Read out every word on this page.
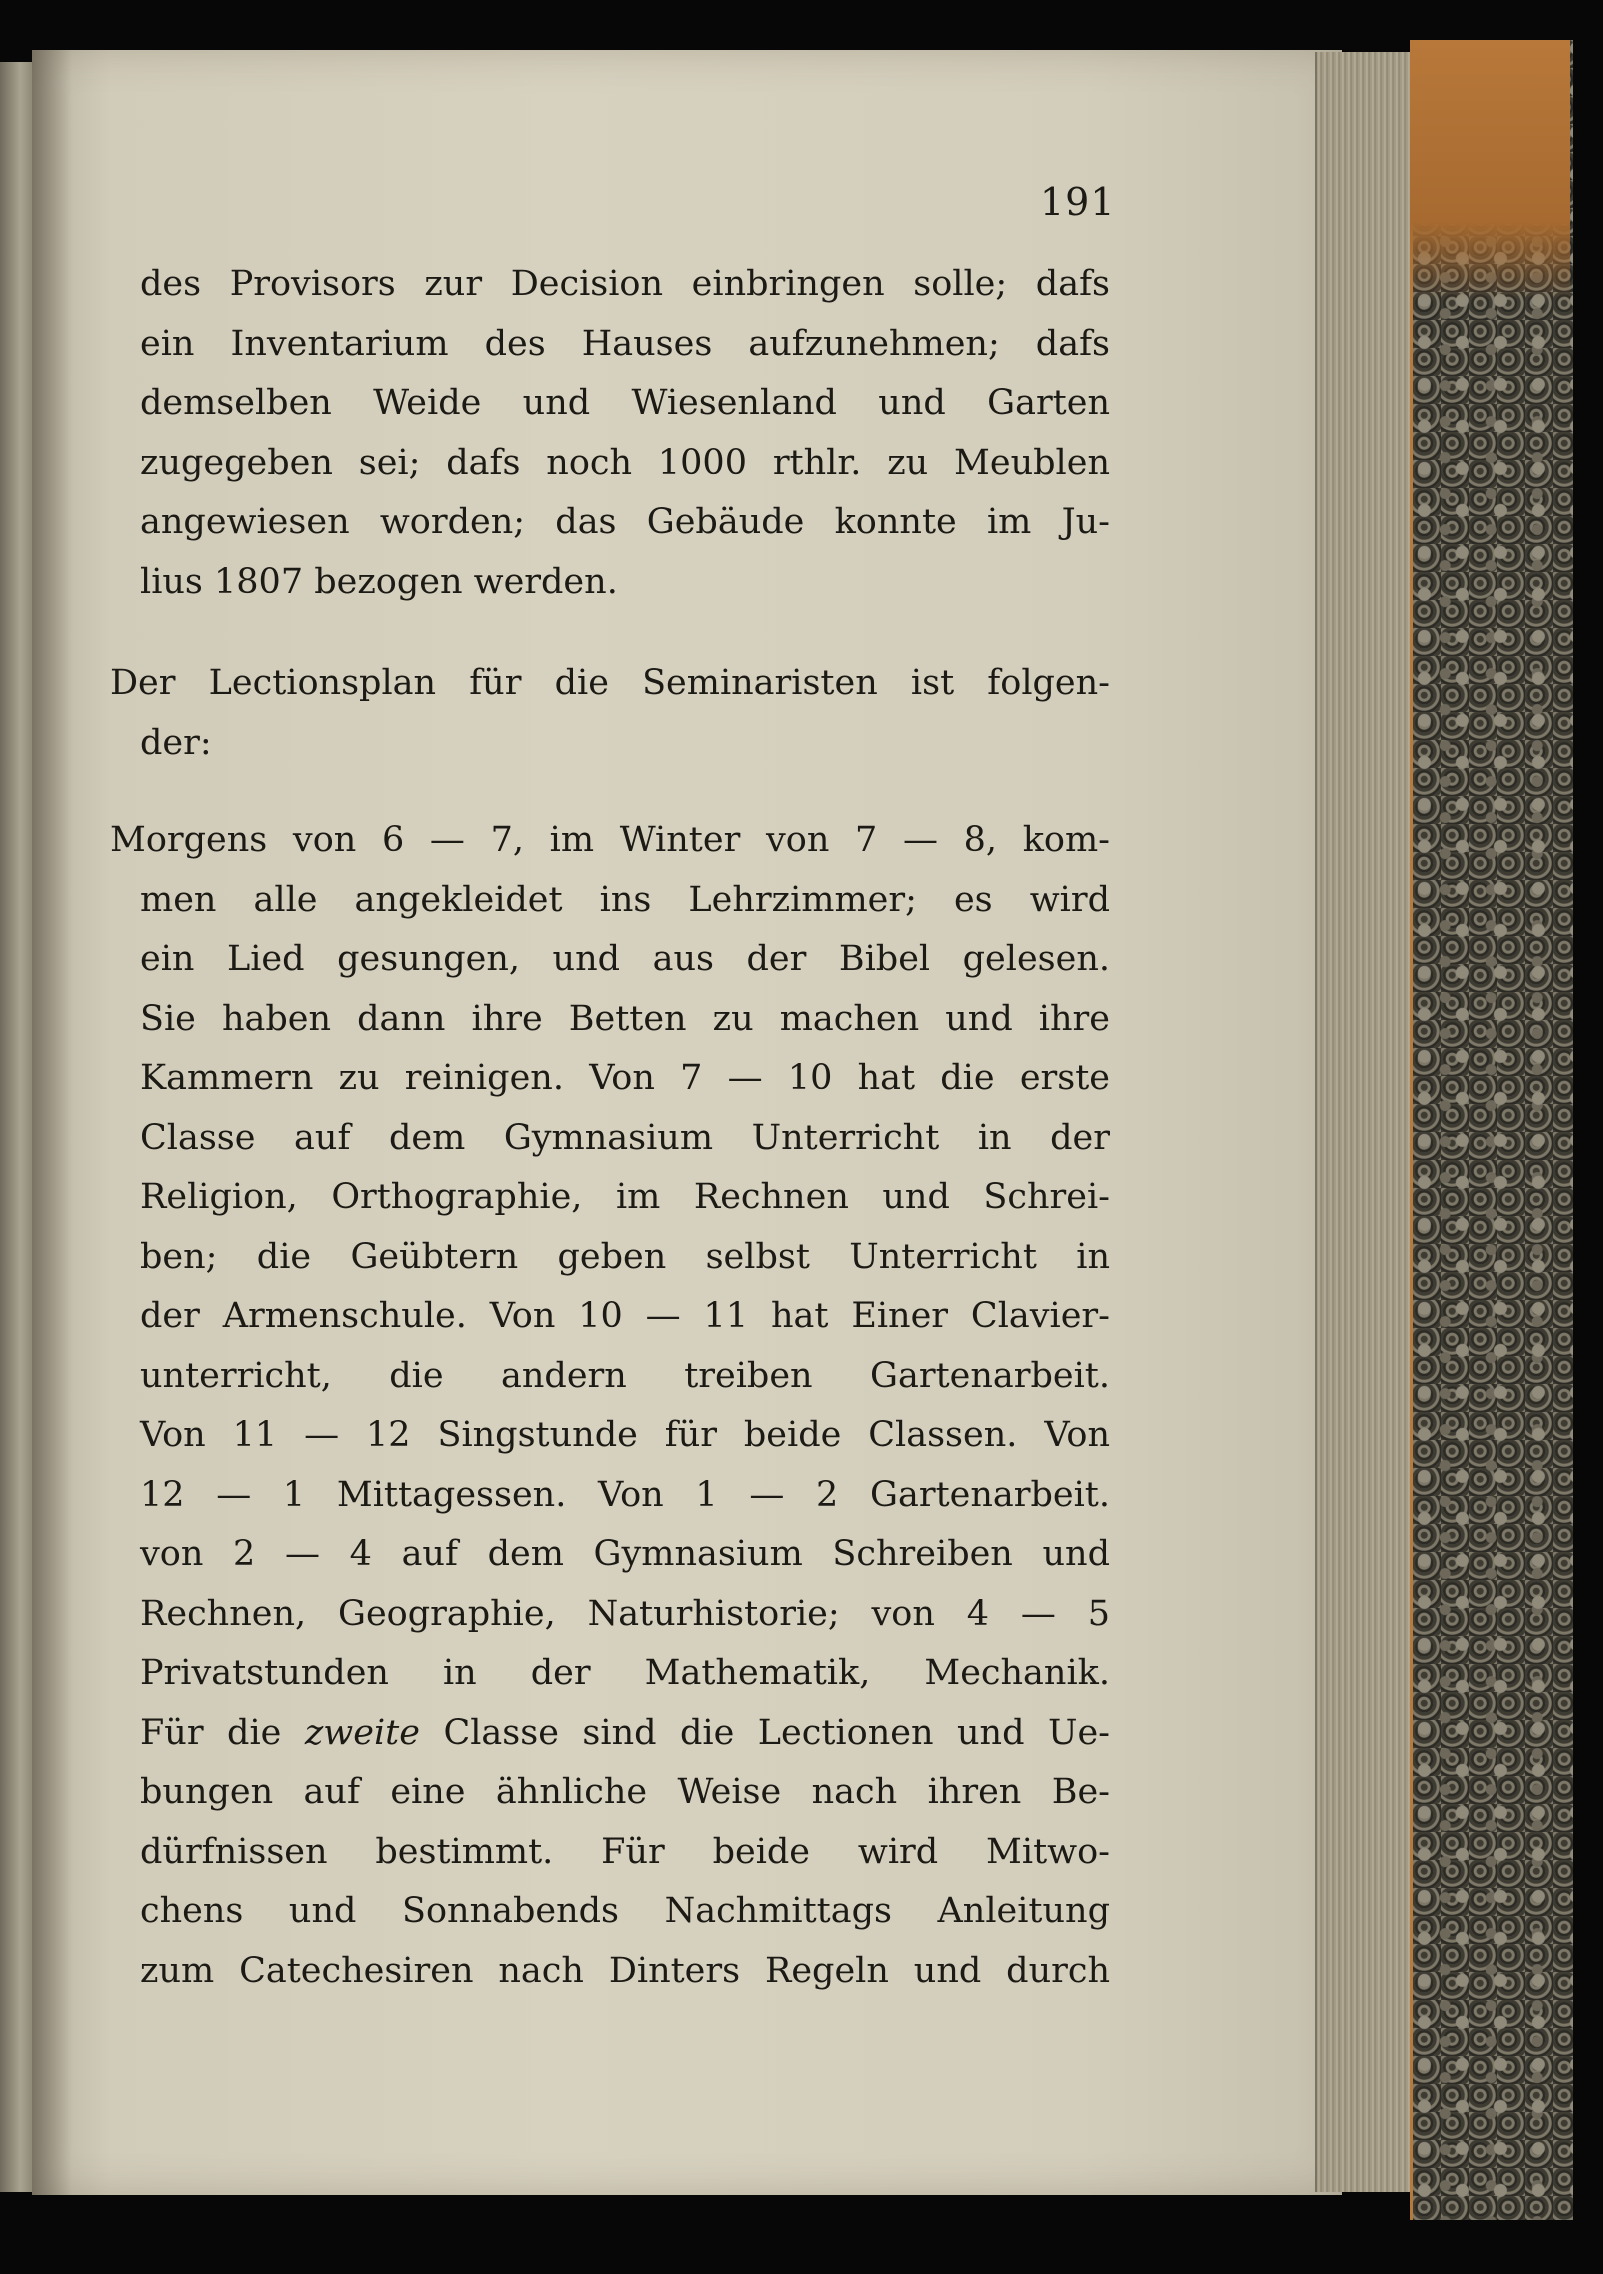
191
des Provisors zur Decision einbringen solle; dafs
ein Inventarium des Hauses aufzunehmen; dafs
demselben Weide und Wiesenland und Garten
zugegeben sei; dafs noch 1000 rthlr. zu Meublen
angewiesen worden; das Gebäude konnte im Ju-
lius 1807 bezogen werden.
Der Lectionsplan für die Seminaristen ist folgen-
der:
Morgens von 6 — 7, im Winter von 7 — 8, kom-
men alle angekleidet ins Lehrzimmer; es wird
ein Lied gesungen, und aus der Bibel gelesen.
Sie haben dann ihre Betten zu machen und ihre
Kammern zu reinigen. Von 7 — 10 hat die erste
Classe auf dem Gymnasium Unterricht in der
Religion, Orthographie, im Rechnen und Schrei-
ben; die Geübtern geben selbst Unterricht in
der Armenschule. Von 10 — 11 hat Einer Clavier-
unterricht, die andern treiben Gartenarbeit.
Von 11 — 12 Singstunde für beide Classen. Von
12 — 1 Mittagessen. Von 1 — 2 Gartenarbeit.
von 2 — 4 auf dem Gymnasium Schreiben und
Rechnen, Geographie, Naturhistorie; von 4 — 5
Privatstunden in der Mathematik, Mechanik.
Für die zweite Classe sind die Lectionen und Ue-
bungen auf eine ähnliche Weise nach ihren Be-
dürfnissen bestimmt. Für beide wird Mitwo-
chens und Sonnabends Nachmittags Anleitung
zum Catechesiren nach Dinters Regeln und durch
